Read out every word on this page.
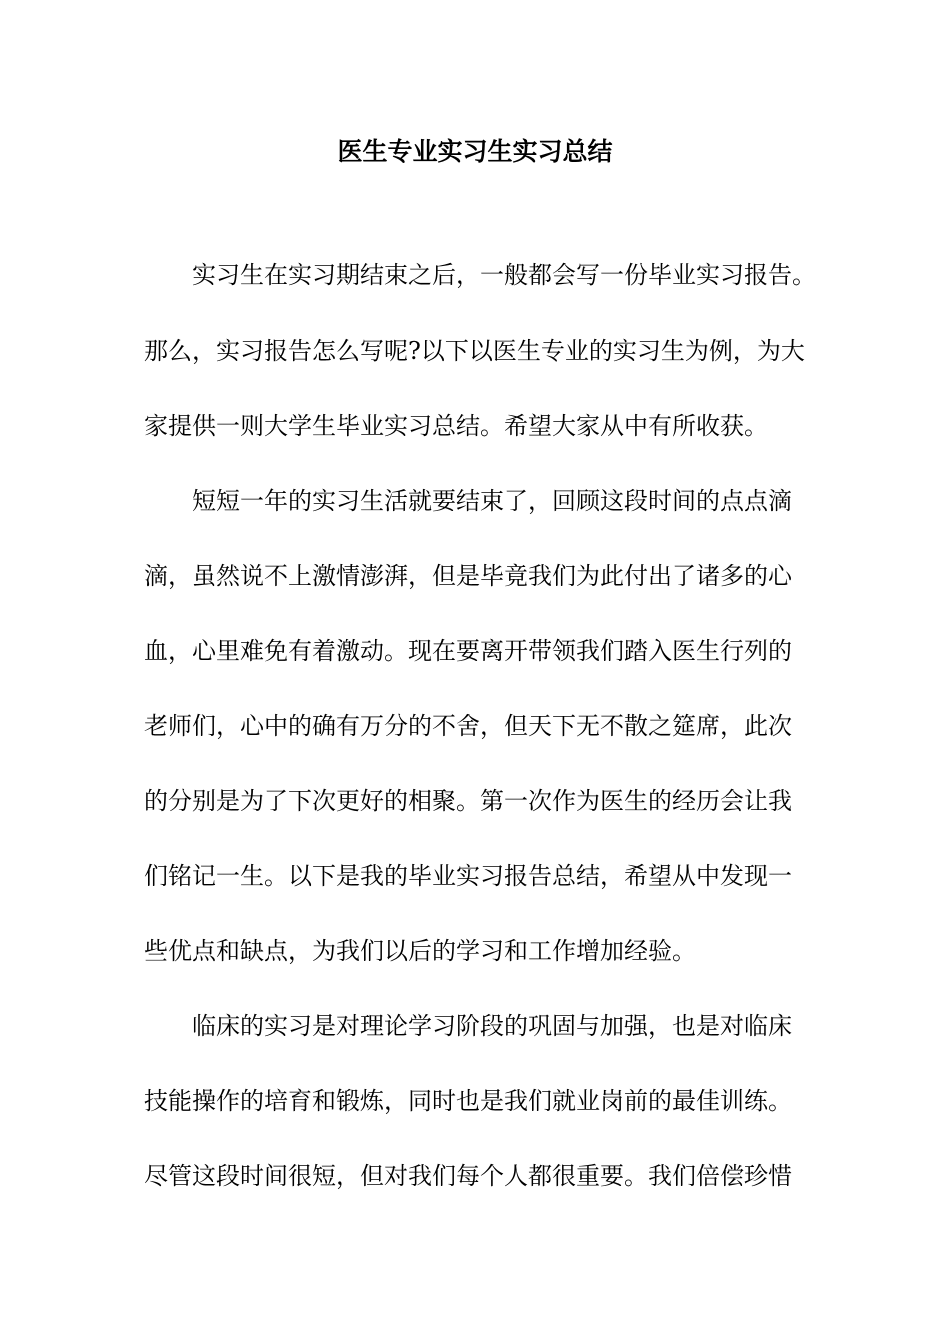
医生专业实习生实习总结

实习生在实习期结束之后，一般都会写一份毕业实习报告。

那么，实习报告怎么写呢?以下以医生专业的实习生为例，为大

家提供一则大学生毕业实习总结。希望大家从中有所收获。

短短一年的实习生活就要结束了，回顾这段时间的点点滴

滴，虽然说不上激情澎湃，但是毕竟我们为此付出了诸多的心

血，心里难免有着激动。现在要离开带领我们踏入医生行列的

老师们，心中的确有万分的不舍，但天下无不散之筵席，此次

的分别是为了下次更好的相聚。第一次作为医生的经历会让我

们铭记一生。以下是我的毕业实习报告总结，希望从中发现一

些优点和缺点，为我们以后的学习和工作增加经验。

临床的实习是对理论学习阶段的巩固与加强，也是对临床

技能操作的培育和锻炼，同时也是我们就业岗前的最佳训练。

尽管这段时间很短，但对我们每个人都很重要。我们倍偿珍惜
